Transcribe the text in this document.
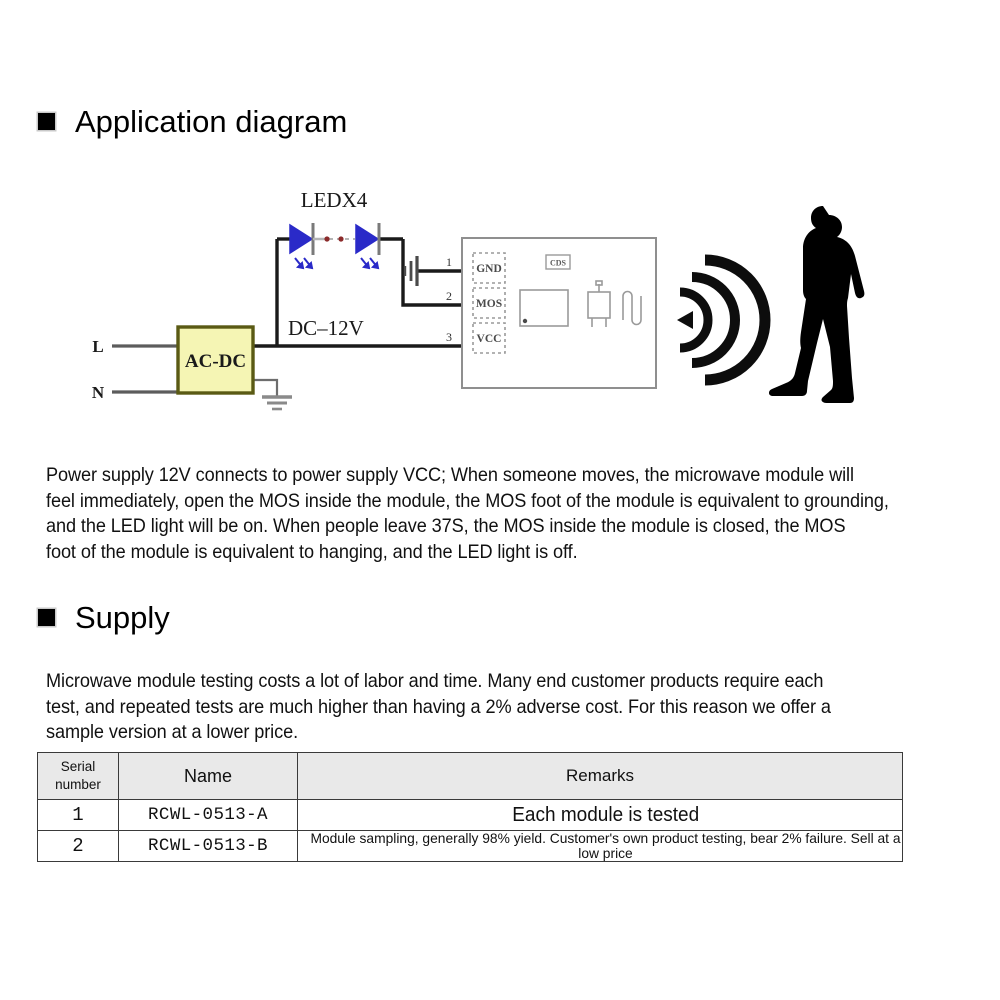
Application diagram
AC-DC
L
N
DC–12V
LEDX4
1
2
3
GND
MOS
VCC
CDS
Power supply 12V connects to power supply VCC; When someone moves, the microwave module will
feel immediately, open the MOS inside the module, the MOS foot of the module is equivalent to grounding,
and the LED light will be on. When people leave 37S, the MOS inside the module is closed, the MOS
foot of the module is equivalent to hanging, and the LED light is off.
Supply
Microwave module testing costs a lot of labor and time. Many end customer products require each
test, and repeated tests are much higher than having a 2% adverse cost. For this reason we offer a
sample version at a lower price.
Serial number	Name	Remarks
1	RCWL-0513-A	Each module is tested

2	RCWL-0513-B	Module sampling, generally 98% yield. Customer's own product testing, bear 2% failure. Sell at a low price
